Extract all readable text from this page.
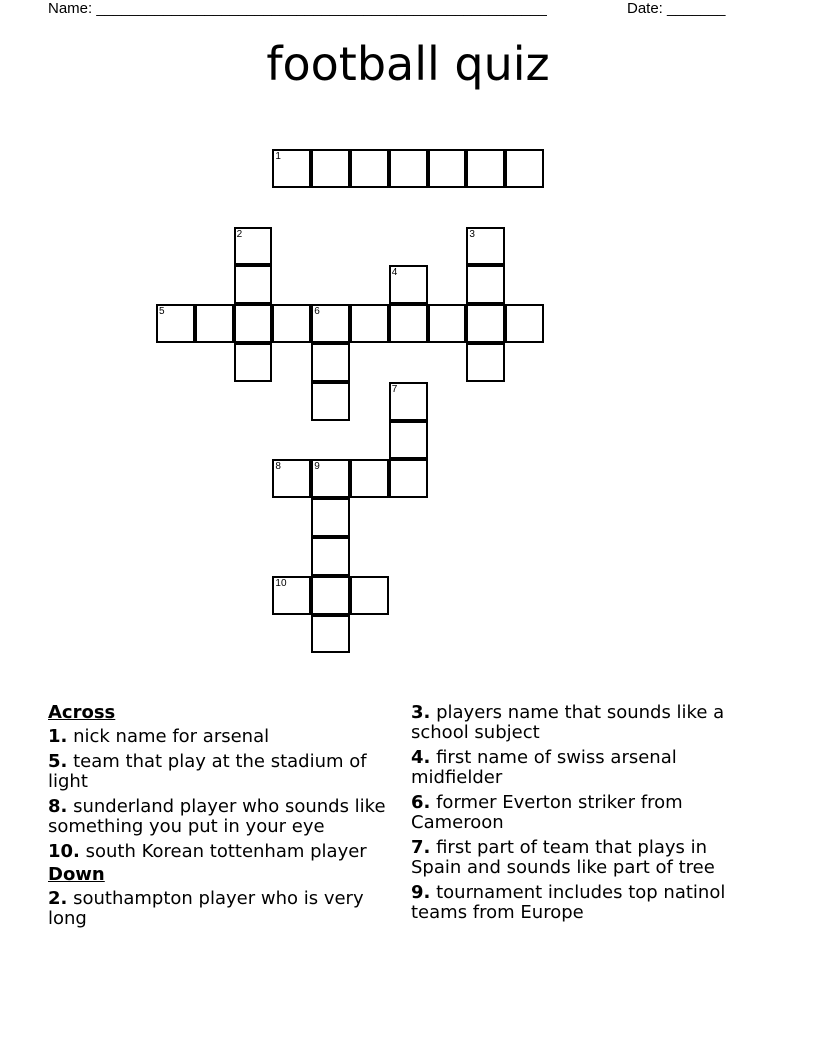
Name: ______________________________________________________	Date: _______
football quiz
1
2	3
4
5	6
7
8	9
10
Across
1. nick name for arsenal
5. team that play at the stadium of light
8. sunderland player who sounds like something you put in your eye
10. south Korean tottenham player
Down
2. southampton player who is very long
3. players name that sounds like a school subject
4. first name of swiss arsenal midfielder
6. former Everton striker from Cameroon
7. first part of team that plays in Spain and sounds like part of tree
9. tournament includes top natinol teams from Europe
